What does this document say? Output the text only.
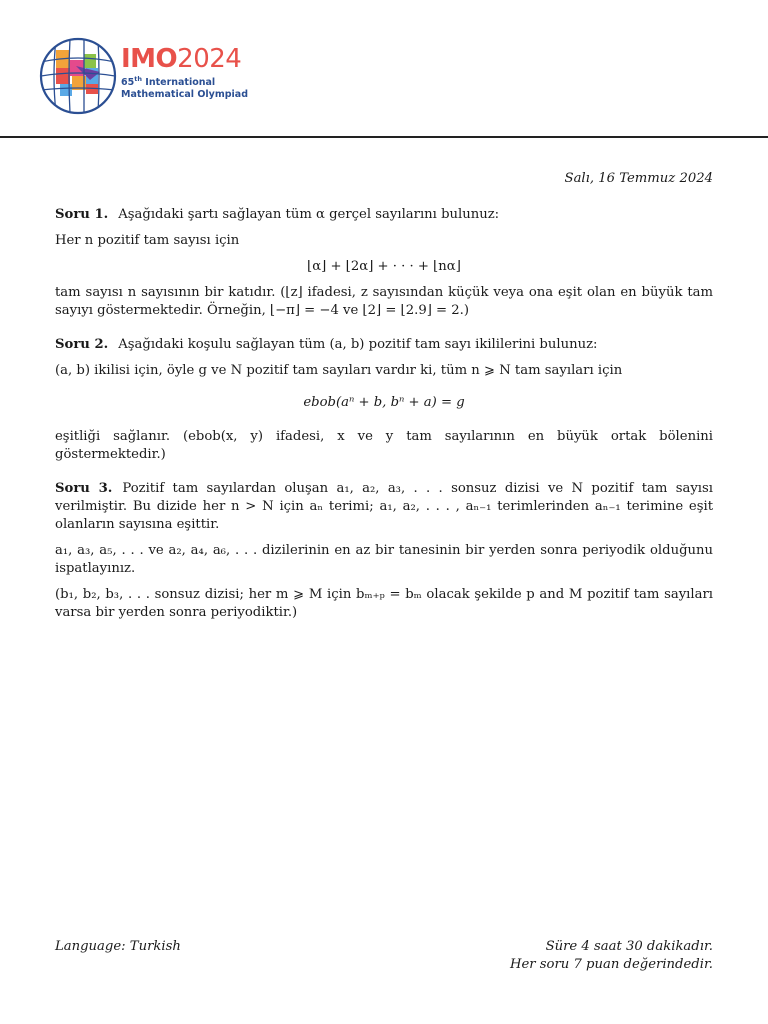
IMO2024
65th International
Mathematical Olympiad
Salı, 16 Temmuz 2024

Soru 1. Aşağıdaki şartı sağlayan tüm α gerçel sayılarını bulunuz:

Her n pozitif tam sayısı için

⌊α⌋ + ⌊2α⌋ + · · · + ⌊nα⌋

tam sayısı n sayısının bir katıdır. (⌊z⌋ ifadesi, z sayısından küçük veya ona eşit olan en büyük tam sayıyı göstermektedir. Örneğin, ⌊−π⌋ = −4 ve ⌊2⌋ = ⌊2.9⌋ = 2.)

Soru 2. Aşağıdaki koşulu sağlayan tüm (a, b) pozitif tam sayı ikililerini bulunuz:

(a, b) ikilisi için, öyle g ve N pozitif tam sayıları vardır ki, tüm n ⩾ N tam sayıları için

ebob(aⁿ + b, bⁿ + a) = g

eşitliği sağlanır. (ebob(x, y) ifadesi, x ve y tam sayılarının en büyük ortak bölenini göstermektedir.)

Soru 3. Pozitif tam sayılardan oluşan a₁, a₂, a₃, . . . sonsuz dizisi ve N pozitif tam sayısı verilmiştir. Bu dizide her n > N için aₙ terimi; a₁, a₂, . . . , aₙ₋₁ terimlerinden aₙ₋₁ terimine eşit olanların sayısına eşittir.

a₁, a₃, a₅, . . . ve a₂, a₄, a₆, . . . dizilerinin en az bir tanesinin bir yerden sonra periyodik olduğunu ispatlayınız.

(b₁, b₂, b₃, . . . sonsuz dizisi; her m ⩾ M için bₘ₊ₚ = bₘ olacak şekilde p and M pozitif tam sayıları varsa bir yerden sonra periyodiktir.)

Language: Turkish	Süre 4 saat 30 dakikadır.
Her soru 7 puan değerindedir.
